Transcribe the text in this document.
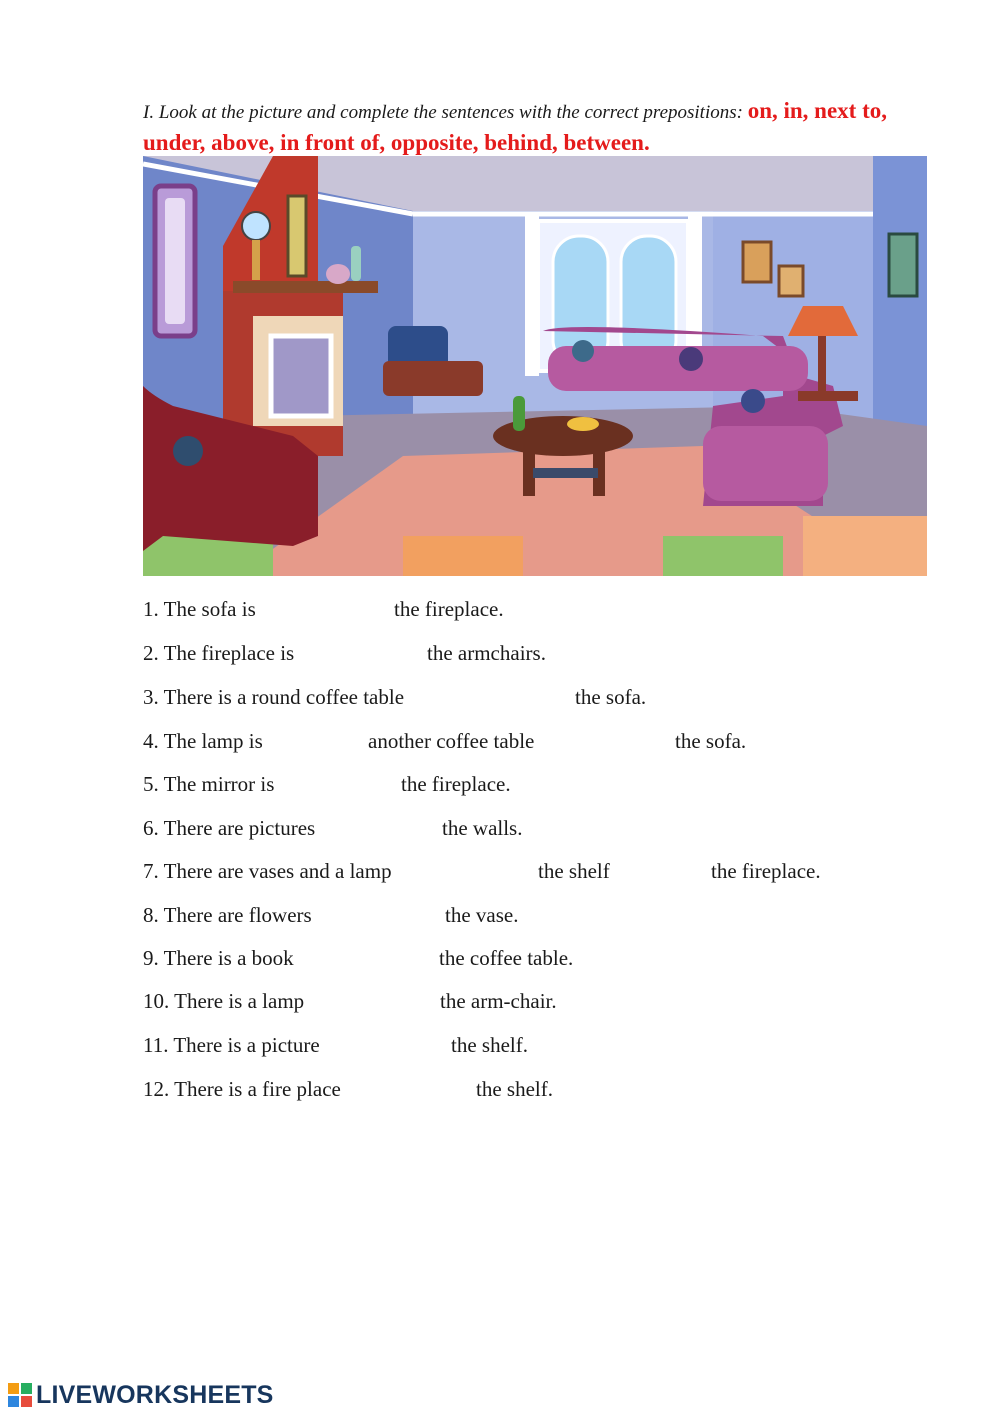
I. Look at the picture and complete the sentences with the correct prepositions: on, in, next to, under, above, in front of, opposite, behind, between.
1. The sofa is	the fireplace.
2. The fireplace is	the armchairs.
3. There is a round coffee table	the sofa.
4. The lamp is	another coffee table	the sofa.
5. The mirror is	the fireplace.
6. There are pictures	the walls.
7. There are vases and a lamp	the shelf	the fireplace.
8. There are flowers	the vase.
9. There is a book	the coffee table.
10. There is a lamp	the arm-chair.
11. There is a picture	the shelf.
12. There is a fire place	the shelf.
LIVEWORKSHEETS
